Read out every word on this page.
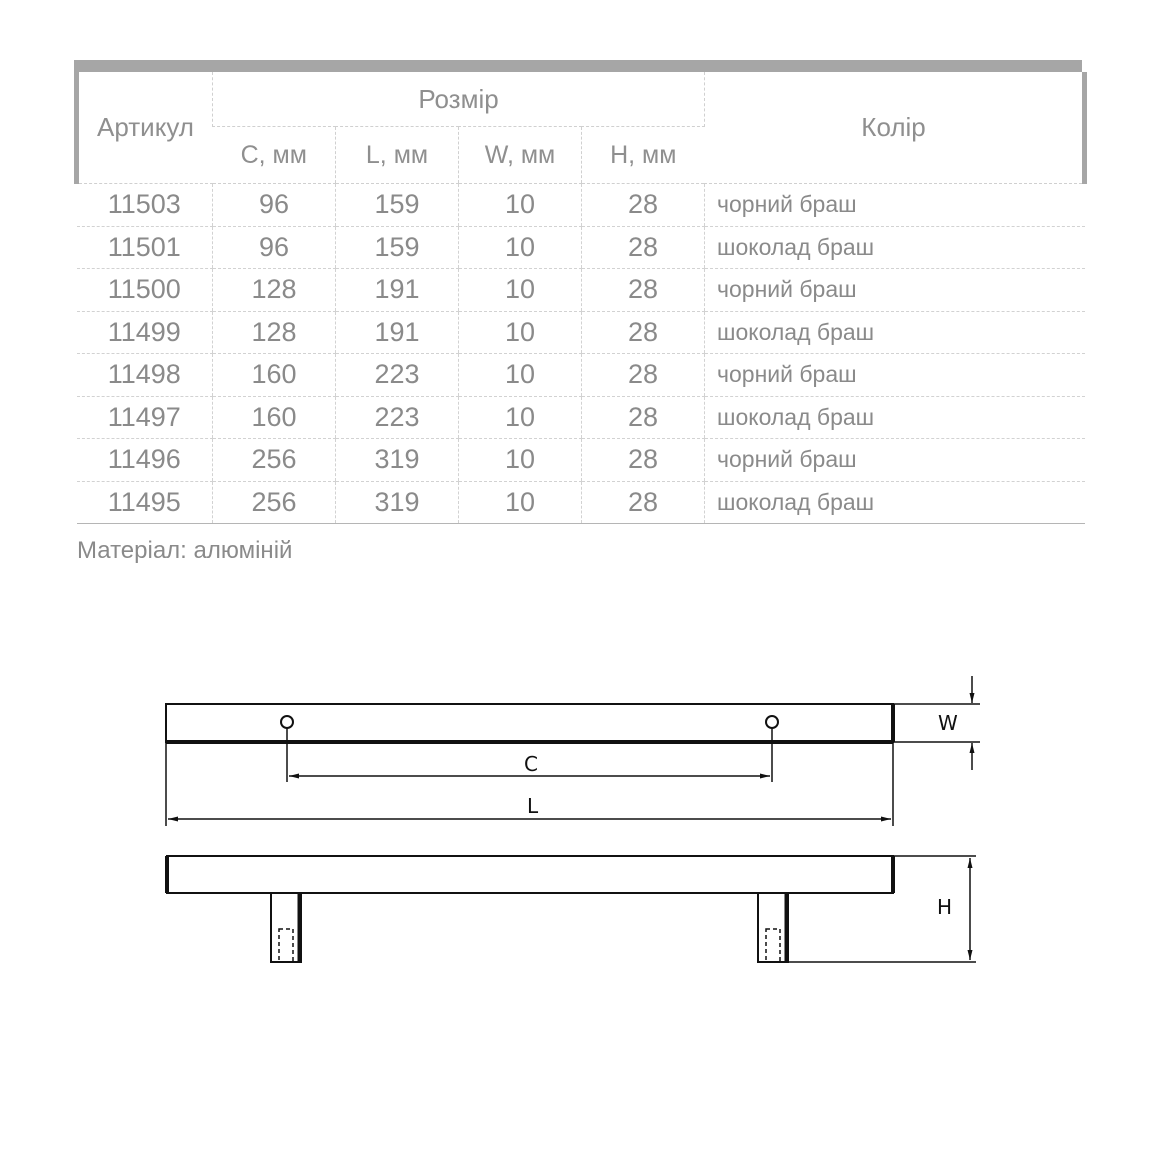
Артикул	Розмір				Колір
	C, мм	L, мм	W, мм	H, мм	
11503	96	159	10	28	чорний браш
11501	96	159	10	28	шоколад браш
11500	128	191	10	28	чорний браш
11499	128	191	10	28	шоколад браш
11498	160	223	10	28	чорний браш
11497	160	223	10	28	шоколад браш
11496	256	319	10	28	чорний браш
11495	256	319	10	28	шоколад браш

Матеріал: алюміній

W
C
L
H
